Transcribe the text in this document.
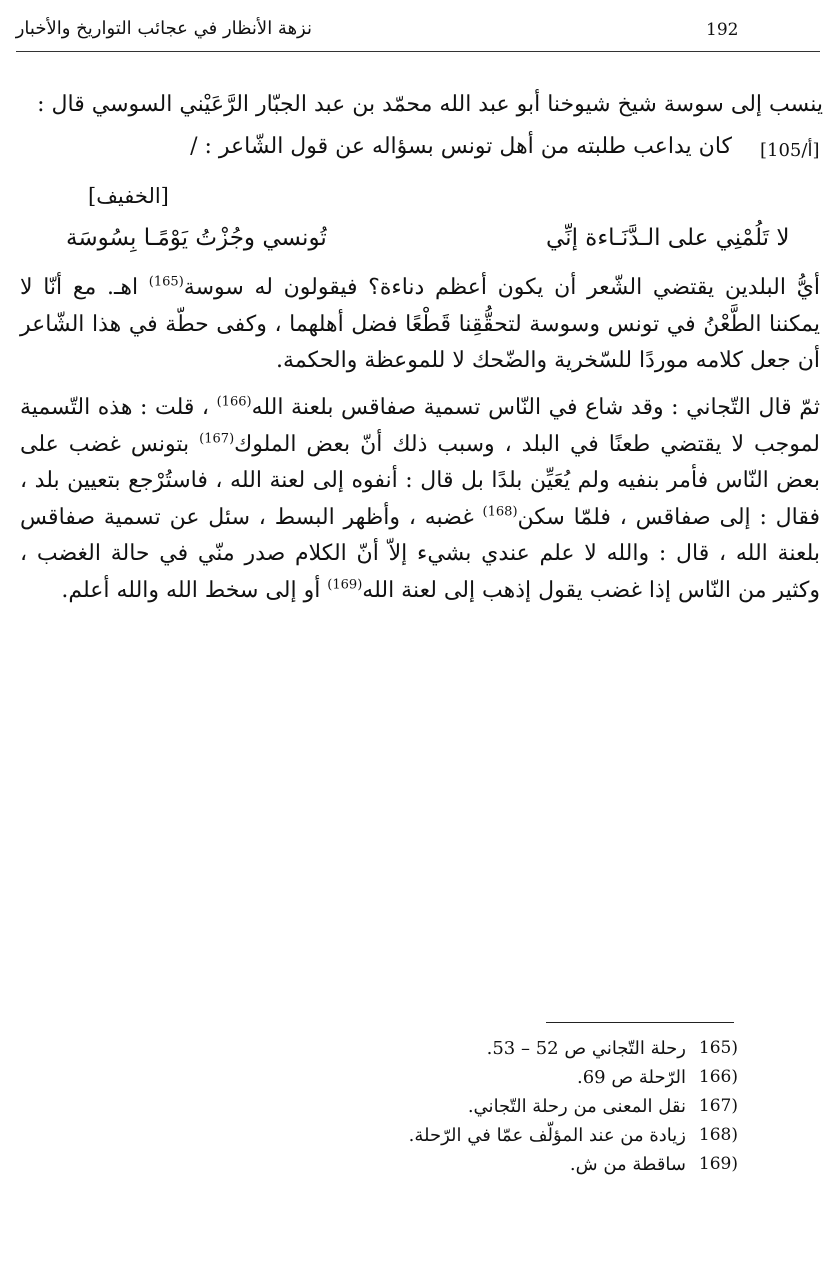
192
نزهة الأنظار في عجائب التواريخ والأخبار
ينسب إلى سوسة شيخ شيوخنا أبو عبد الله محمّد بن عبد الجبّار الرَّعَيْني السوسي قال :
[105/أ]
كان يداعب طلبته من أهل تونس بسؤاله عن قول الشّاعر : /
[الخفيف]
لا تَلُمْنِي على الـدَّنَـاءة إنِّي
تُونسي وجُزْتُ يَوْمًـا بِسُوسَة
أيُّ البلدين يقتضي الشّعر أن يكون أعظم دناءة؟ فيقولون له سوسة$^{(165)}$ اهـ. مع أنّا لا يمكننا الطَّعْنُ في تونس وسوسة لتحقُّقِنا قَطْعًا فضل أهلهما ، وكفى حطّة في هذا الشّاعر أن جعل كلامه موردًا للسّخرية والضّحك لا للموعظة والحكمة.
ثمّ قال التّجاني : وقد شاع في النّاس تسمية صفاقس بلعنة الله$^{(166)}$ ، قلت : هذه التّسمية لموجب لا يقتضي طعنًا في البلد ، وسبب ذلك أنّ بعض الملوك$^{(167)}$ بتونس غضب على بعض النّاس فأمر بنفيه ولم يُعَيِّن بلدًا بل قال : أنفوه إلى لعنة الله ، فاستُرْجع بتعيين بلد ، فقال : إلى صفاقس ، فلمّا سكن$^{(168)}$ غضبه ، وأظهر البسط ، سئل عن تسمية صفاقس بلعنة الله ، قال : والله لا علم عندي بشيء إلاّ أنّ الكلام صدر منّي في حالة الغضب ، وكثير من النّاس إذا غضب يقول إذهب إلى لعنة الله$^{(169)}$ أو إلى سخط الله والله أعلم.
165)
رحلة التّجاني ص 52 – 53.
166)
الرّحلة ص 69.
167)
نقل المعنى من رحلة التّجاني.
168)
زيادة من عند المؤلّف عمّا في الرّحلة.
169)
ساقطة من ش.
